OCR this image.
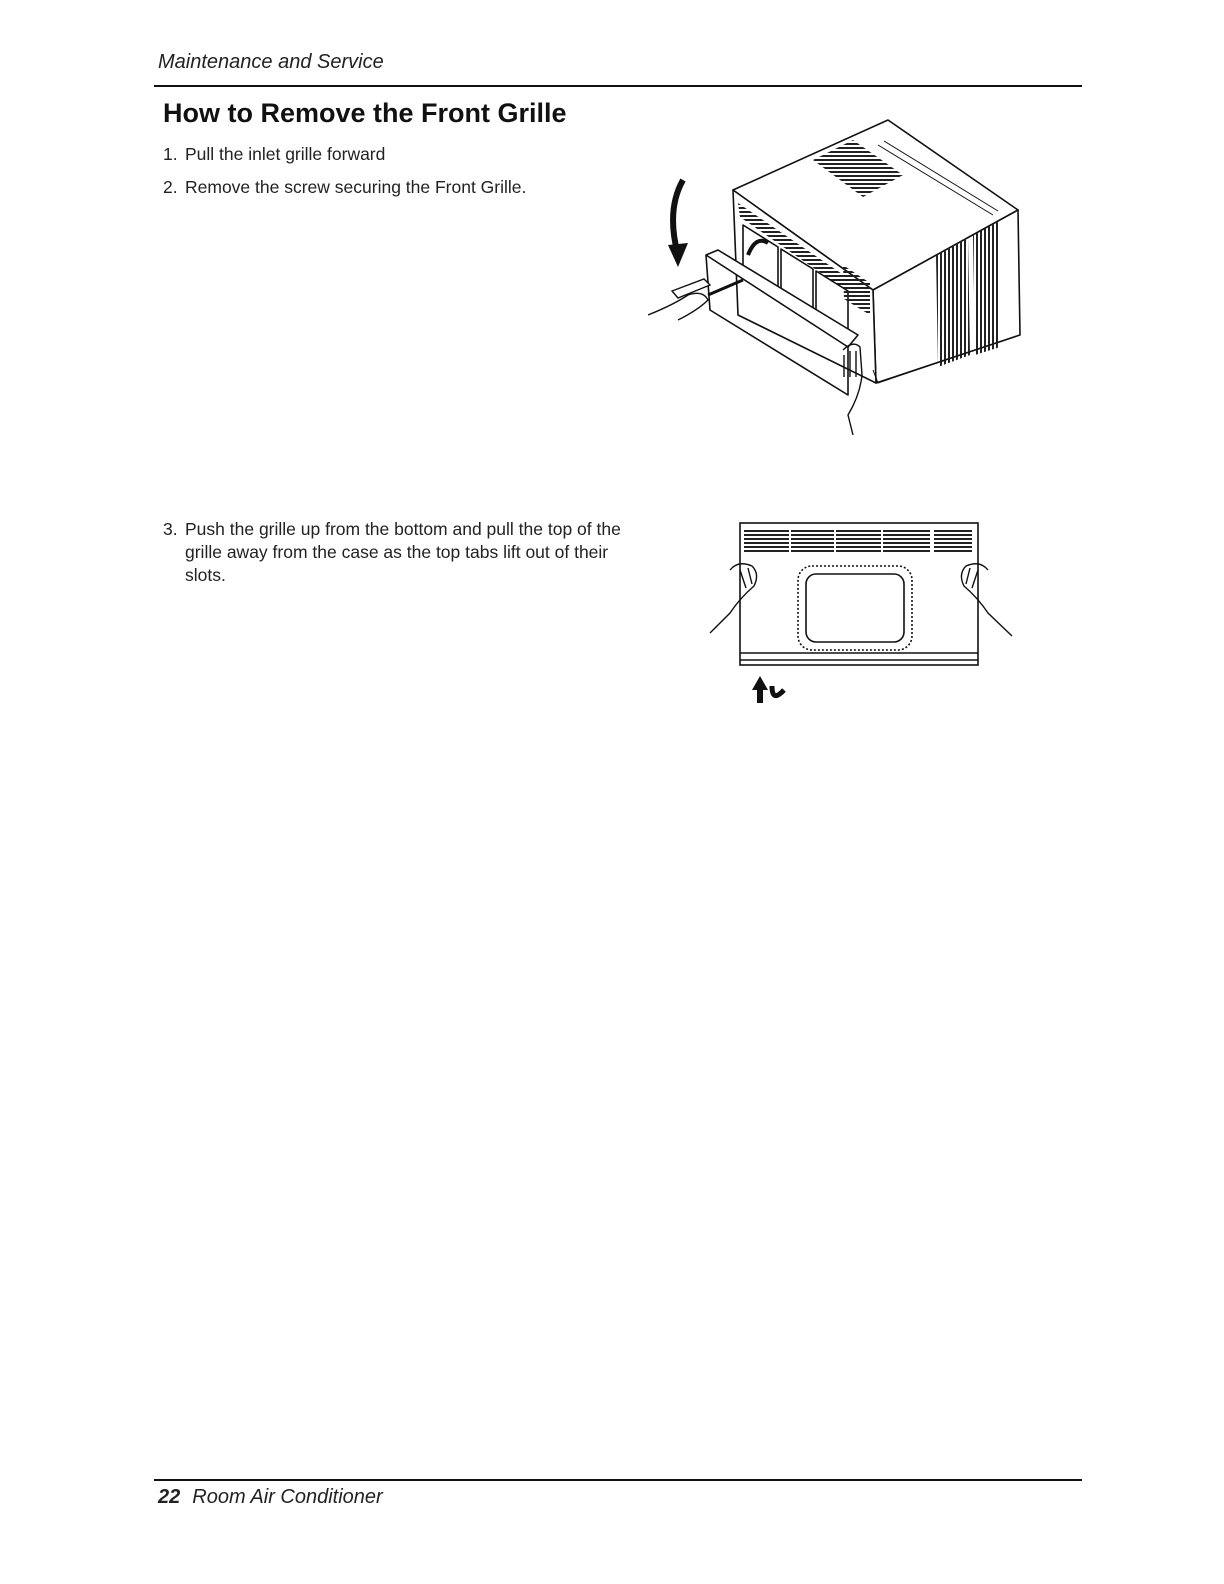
Maintenance and Service
How to Remove the Front Grille
1. Pull the inlet grille forward
2. Remove the screw securing the Front Grille.
3. Push the grille up from the bottom and pull the top of the grille away from the case as the top tabs lift out of their slots.
22 Room Air Conditioner
